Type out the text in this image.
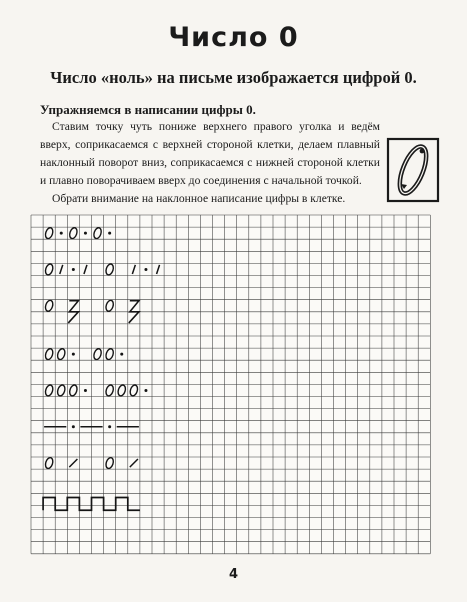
Число 0
Число «ноль» на письме изображается цифрой 0.
Упражняемся в написании цифры 0.

Ставим точку чуть пониже верхнего правого уголка и ведём вверх, соприкасаемся с верхней стороной клетки, делаем плавный наклонный поворот вниз, соприкасаемся с нижней стороной клетки и плавно поворачиваем вверх до соединения с начальной точкой.

Обрати внимание на наклонное написание цифры в клетке.

4
